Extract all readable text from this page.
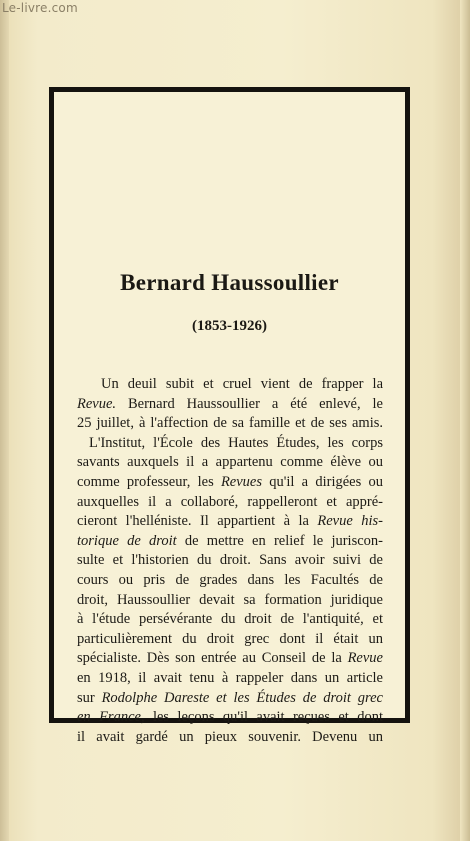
Le-livre.com
Bernard Haussoullier
(1853-1926)
Un deuil subit et cruel vient de frapper la
Revue. Bernard Haussoullier a été enlevé, le
25 juillet, à l'affection de sa famille et de ses amis.
L'Institut, l'École des Hautes Études, les corps
savants auxquels il a appartenu comme élève ou
comme professeur, les Revues qu'il a dirigées ou
auxquelles il a collaboré, rappelleront et appré-
cieront l'helléniste. Il appartient à la Revue his-
torique de droit de mettre en relief le juriscon-
sulte et l'historien du droit. Sans avoir suivi de
cours ou pris de grades dans les Facultés de
droit, Haussoullier devait sa formation juridique
à l'étude persévérante du droit de l'antiquité, et
particulièrement du droit grec dont il était un
spécialiste. Dès son entrée au Conseil de la Revue
en 1918, il avait tenu à rappeler dans un article
sur Rodolphe Dareste et les Études de droit grec
en France, les leçons qu'il avait reçues et dont
il avait gardé un pieux souvenir. Devenu un
